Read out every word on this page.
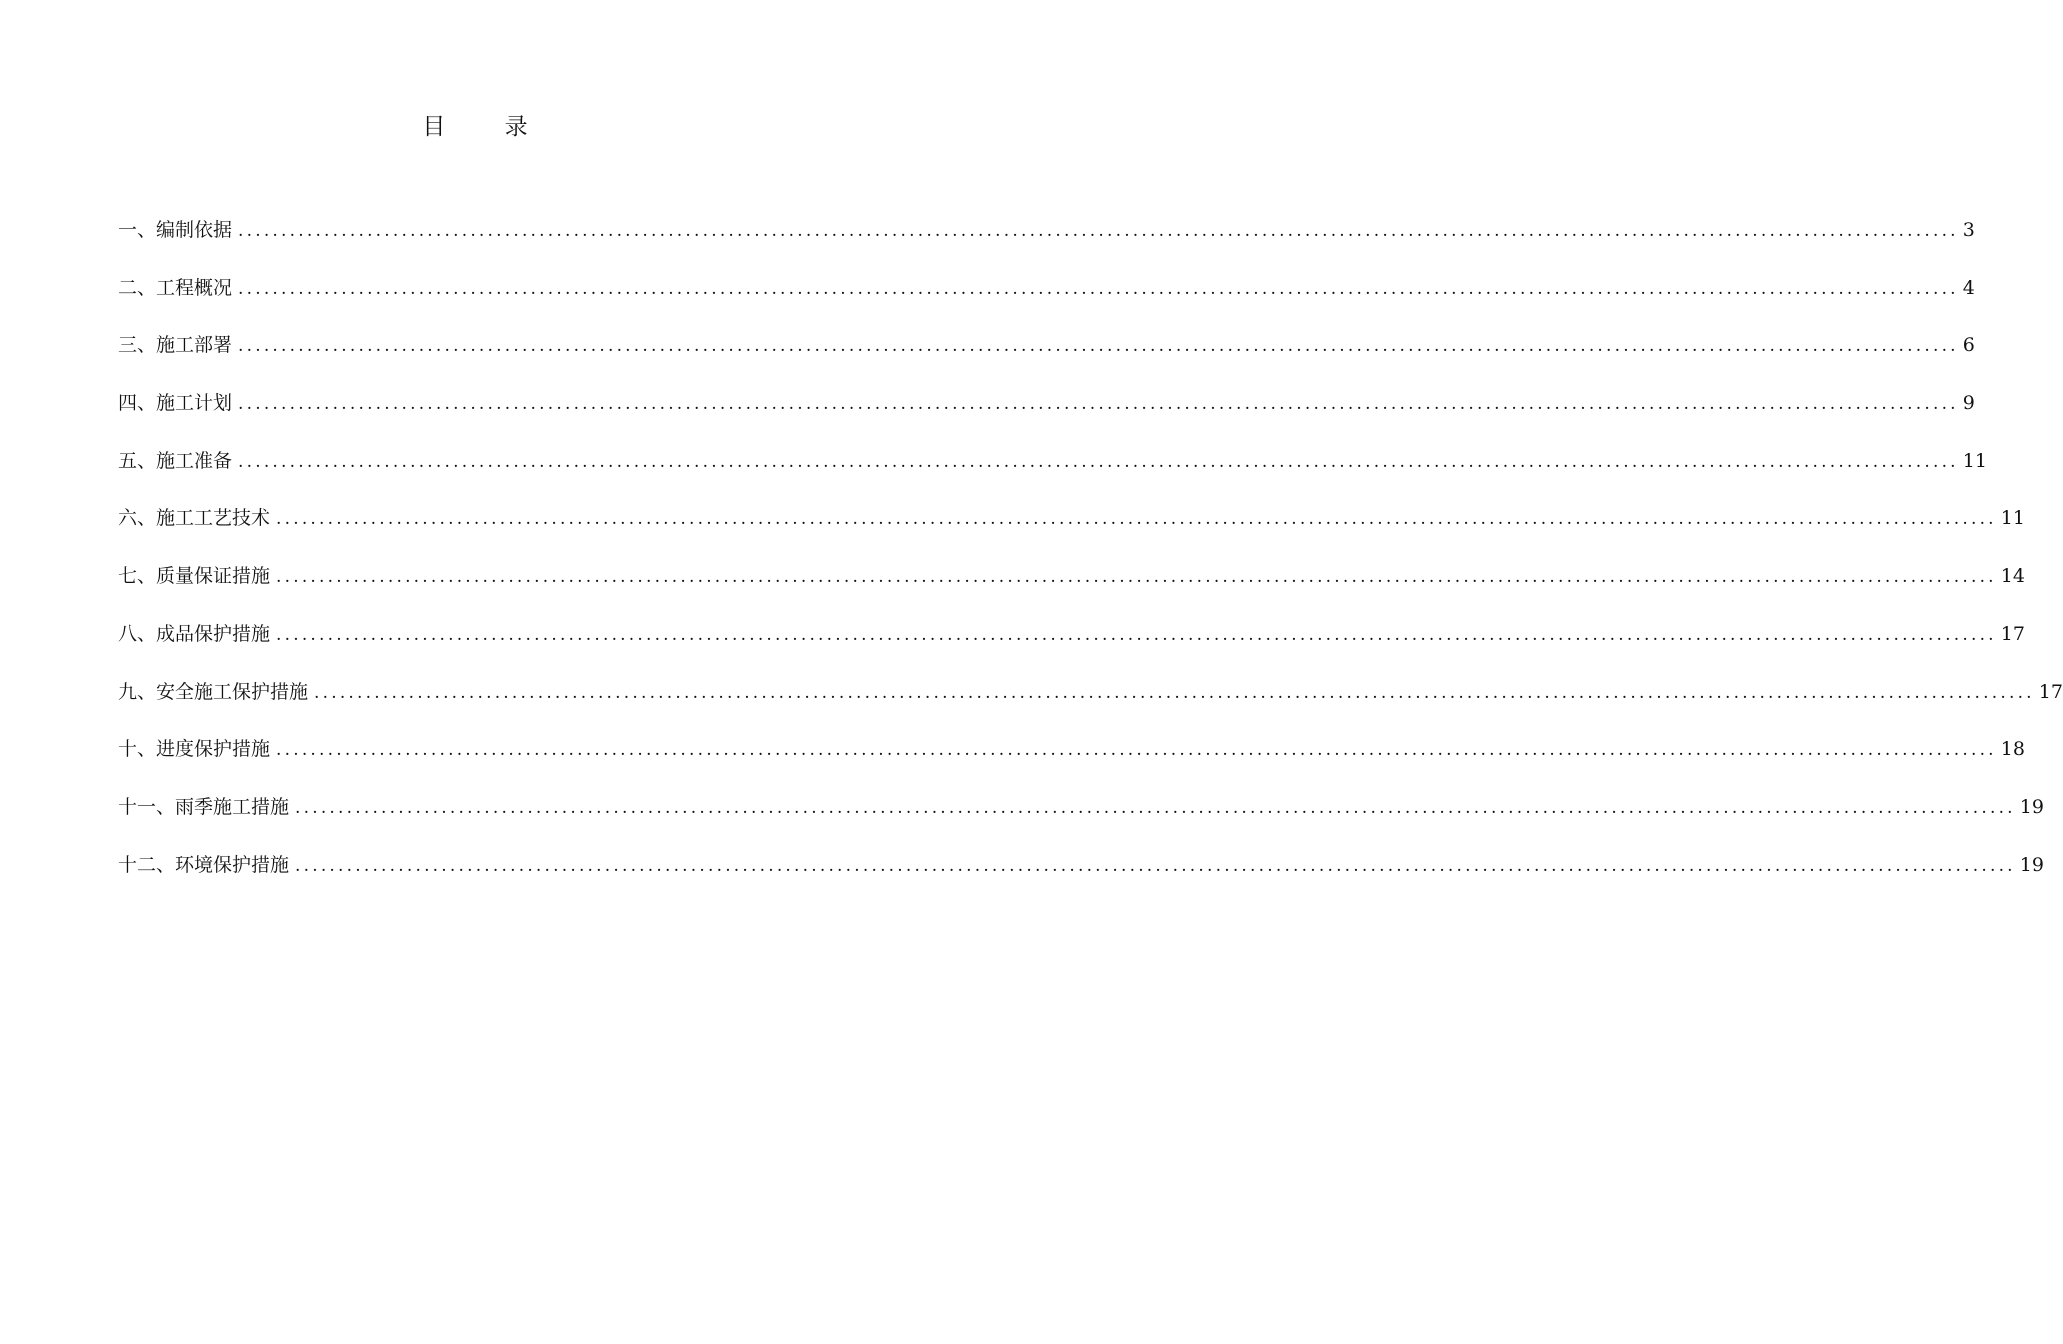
目 录
一、编制依据 ........................................................................................................................................................................................................ 3
二、工程概况 ........................................................................................................................................................................................................ 4
三、施工部署 ........................................................................................................................................................................................................ 6
四、施工计划 ........................................................................................................................................................................................................ 9
五、施工准备 ........................................................................................................................................................................................................ 11
六、施工工艺技术 ........................................................................................................................................................................................................ 11
七、质量保证措施 ........................................................................................................................................................................................................ 14
八、成品保护措施 ........................................................................................................................................................................................................ 17
九、安全施工保护措施 ........................................................................................................................................................................................................ 17
十、进度保护措施 ........................................................................................................................................................................................................ 18
十一、雨季施工措施 ........................................................................................................................................................................................................ 19
十二、环境保护措施 ........................................................................................................................................................................................................ 19
